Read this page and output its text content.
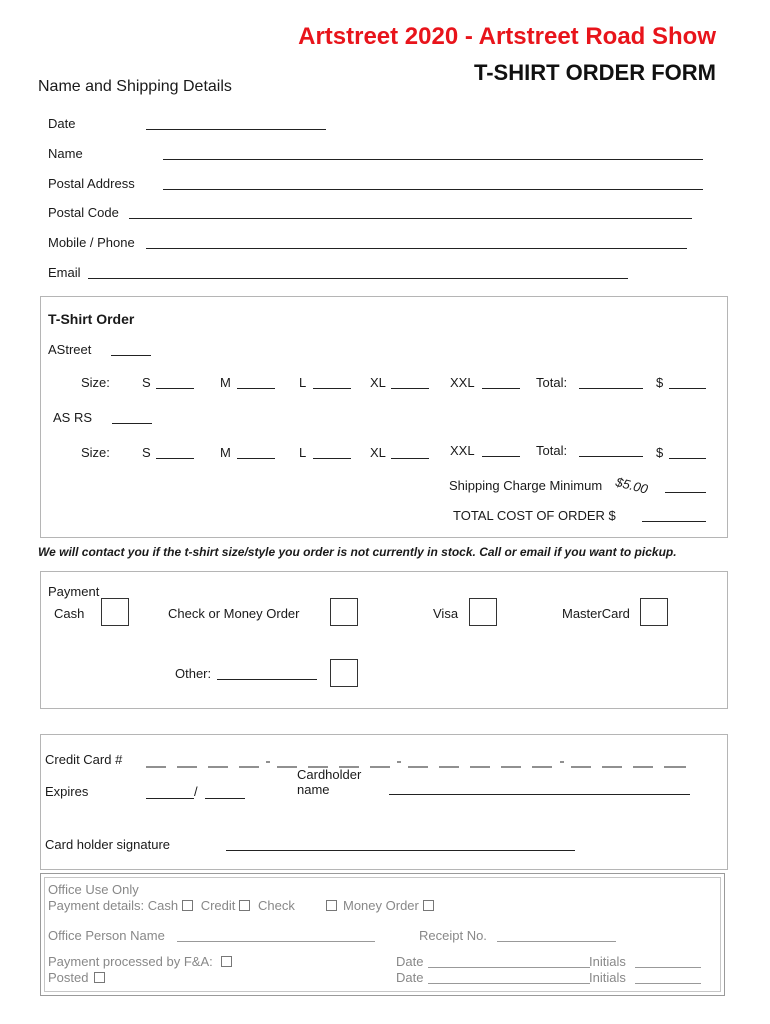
Artstreet 2020 - Artstreet Road Show
T-SHIRT ORDER FORM
Name and Shipping Details
Date
Name
Postal Address
Postal Code
Mobile / Phone
Email
T-Shirt Order
AStreet
Size: S	M	L	XL	XXL	Total:	$
AS RS
Size: S	M	L	XL	XXL	Total:	$
Shipping Charge Minimum $5.00
TOTAL COST OF ORDER $
We will contact you if the t-shirt size/style you order is not currently in stock. Call or email if you want to pickup.
Payment
Cash	Check or Money Order	Visa	MasterCard
Other:
Credit Card #
Expires	/
Cardholder
name
Card holder signature
Office Use Only
Payment details: Cash Credit Check	Money Order
Office Person Name	Receipt No.
Payment processed by F&A:
Posted
Date	Initials
Date	Initials
